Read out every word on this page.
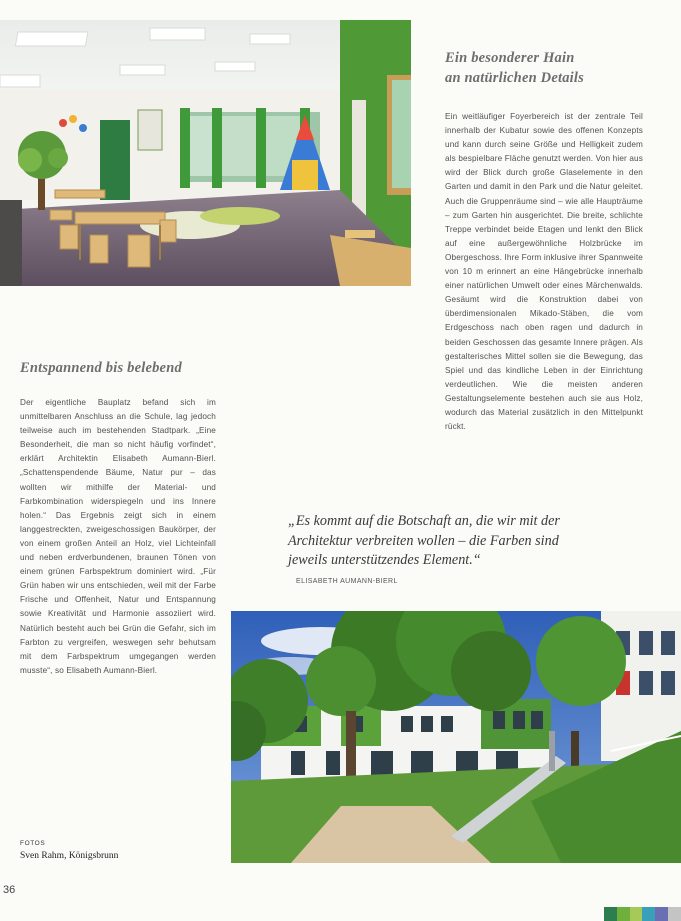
Ein besonderer Hain
an natürlichen Details

Ein weitläufiger Foyerbereich ist der zentrale Teil innerhalb der Kubatur sowie des offenen Konzepts und kann durch seine Größe und Helligkeit zudem als bespielbare Fläche genutzt werden. Von hier aus wird der Blick durch große Glaselemente in den Garten und damit in den Park und die Natur geleitet. Auch die Gruppenräume sind – wie alle Haupträume – zum Garten hin ausgerichtet. Die breite, schlichte Treppe verbindet beide Etagen und lenkt den Blick auf eine außergewöhnliche Holzbrücke im Obergeschoss. Ihre Form inklusive ihrer Spannweite von 10 m erinnert an eine Hängebrücke innerhalb einer natürlichen Umwelt oder eines Märchenwalds. Gesäumt wird die Konstruktion dabei von überdimensionalen Mikado-Stäben, die vom Erdgeschoss nach oben ragen und dadurch in beiden Geschossen das gesamte Innere prägen. Als gestalterisches Mittel sollen sie die Bewegung, das Spiel und das kindliche Leben in der Einrichtung verdeutlichen. Wie die meisten anderen Gestaltungselemente bestehen auch sie aus Holz, wodurch das Material zusätzlich in den Mittelpunkt rückt.

Entspannend bis belebend

Der eigentliche Bauplatz befand sich im unmittelbaren Anschluss an die Schule, lag jedoch teilweise auch im bestehenden Stadtpark. „Eine Besonderheit, die man so nicht häufig vorfindet“, erklärt Architektin Elisabeth Aumann-Bierl. „Schattenspendende Bäume, Natur pur – das wollten wir mithilfe der Material- und Farbkombination widerspiegeln und ins Innere holen.“ Das Ergebnis zeigt sich in einem langgestreckten, zweigeschossigen Baukörper, der von einem großen Anteil an Holz, viel Lichteinfall und neben erdverbundenen, braunen Tönen von einem grünen Farbspektrum dominiert wird. „Für Grün haben wir uns entschieden, weil mit der Farbe Frische und Offenheit, Natur und Entspannung sowie Kreativität und Harmonie assoziiert wird. Natürlich besteht auch bei Grün die Gefahr, sich im Farbton zu vergreifen, weswegen sehr behutsam mit dem Farbspektrum umgegangen werden musste“, so Elisabeth Aumann-Bierl.

„Es kommt auf die Botschaft an, die wir mit der Architektur verbreiten wollen – die Farben sind jeweils unterstützendes Element.“
ELISABETH AUMANN-BIERL
FOTOS
Sven Rahm, Königsbrunn
36
